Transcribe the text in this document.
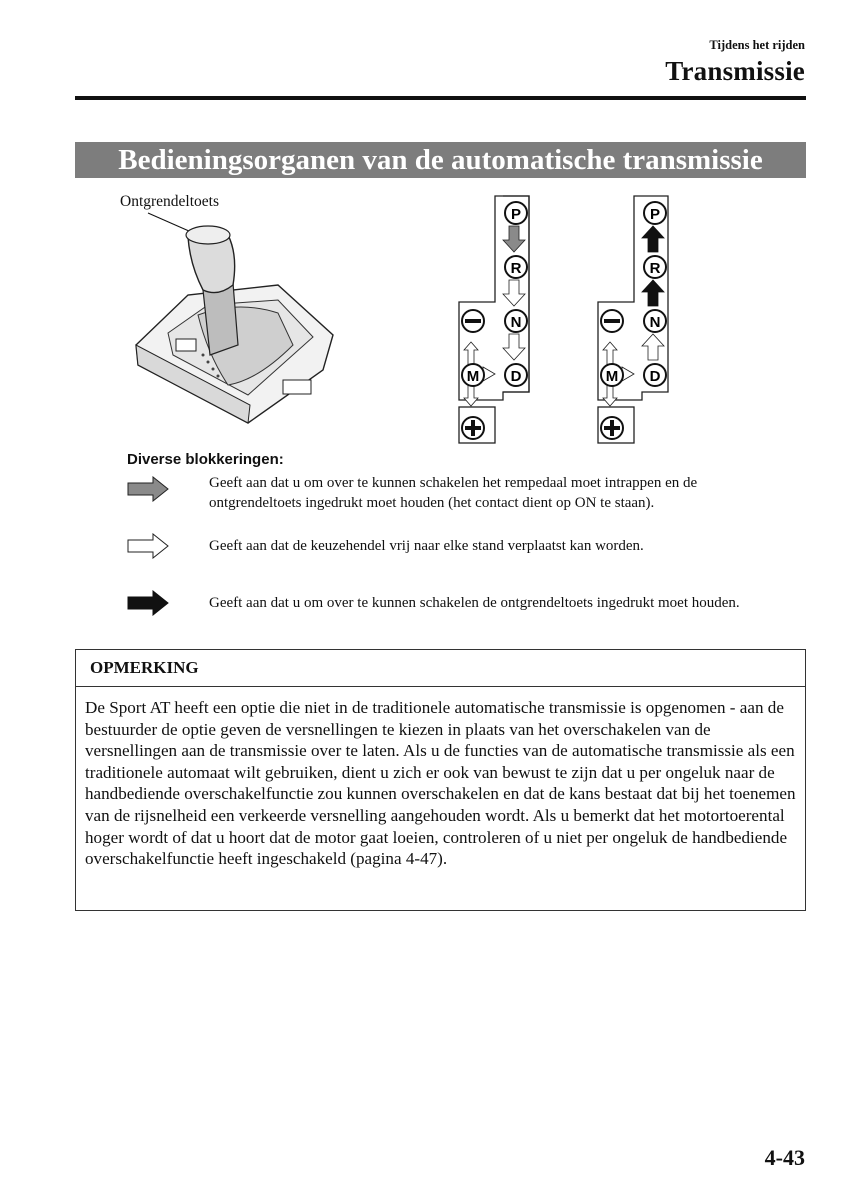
Tijdens het rijden
Transmissie
Bedieningsorganen van de automatische transmissie
Ontgrendeltoets
P
R
N
D
M
P
R
N
D
M
Diverse blokkeringen:
Geeft aan dat u om over te kunnen schakelen het rempedaal moet intrappen en de ontgrendeltoets ingedrukt moet houden (het contact dient op ON te staan).
Geeft aan dat de keuzehendel vrij naar elke stand verplaatst kan worden.
Geeft aan dat u om over te kunnen schakelen de ontgrendeltoets ingedrukt moet houden.
OPMERKING
De Sport AT heeft een optie die niet in de traditionele automatische transmissie is opgenomen - aan de bestuurder de optie geven de versnellingen te kiezen in plaats van het overschakelen van de versnellingen aan de transmissie over te laten. Als u de functies van de automatische transmissie als een traditionele automaat wilt gebruiken, dient u zich er ook van bewust te zijn dat u per ongeluk naar de handbediende overschakelfunctie zou kunnen overschakelen en dat de kans bestaat dat bij het toenemen van de rijsnelheid een verkeerde versnelling aangehouden wordt. Als u bemerkt dat het motortoerental hoger wordt of dat u hoort dat de motor gaat loeien, controleren of u niet per ongeluk de handbediende overschakelfunctie heeft ingeschakeld (pagina 4-47).
4-43
